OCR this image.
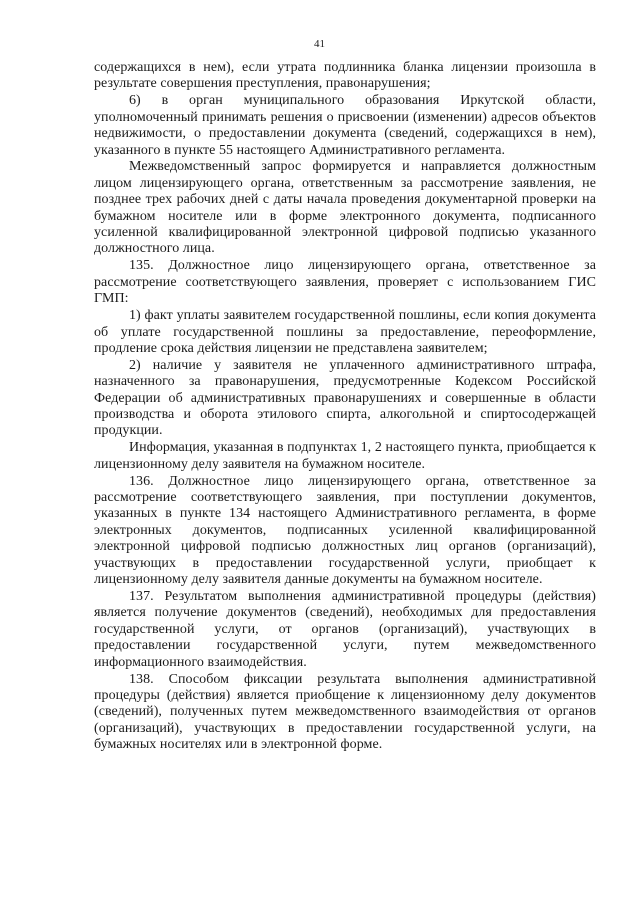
41

содержащихся в нем), если утрата подлинника бланка лицензии произошла в результате совершения преступления, правонарушения;

6) в орган муниципального образования Иркутской области, уполномоченный принимать решения о присвоении (изменении) адресов объектов недвижимости, о предоставлении документа (сведений, содержащихся в нем), указанного в пункте 55 настоящего Административного регламента.

Межведомственный запрос формируется и направляется должностным лицом лицензирующего органа, ответственным за рассмотрение заявления, не позднее трех рабочих дней с даты начала проведения документарной проверки на бумажном носителе или в форме электронного документа, подписанного усиленной квалифицированной электронной цифровой подписью указанного должностного лица.

135. Должностное лицо лицензирующего органа, ответственное за рассмотрение соответствующего заявления, проверяет с использованием ГИС ГМП:

1) факт уплаты заявителем государственной пошлины, если копия документа об уплате государственной пошлины за предоставление, переоформление, продление срока действия лицензии не представлена заявителем;

2) наличие у заявителя не уплаченного административного штрафа, назначенного за правонарушения, предусмотренные Кодексом Российской Федерации об административных правонарушениях и совершенные в области производства и оборота этилового спирта, алкогольной и спиртосодержащей продукции.

Информация, указанная в подпунктах 1, 2 настоящего пункта, приобщается к лицензионному делу заявителя на бумажном носителе.

136. Должностное лицо лицензирующего органа, ответственное за рассмотрение соответствующего заявления, при поступлении документов, указанных в пункте 134 настоящего Административного регламента, в форме электронных документов, подписанных усиленной квалифицированной электронной цифровой подписью должностных лиц органов (организаций), участвующих в предоставлении государственной услуги, приобщает к лицензионному делу заявителя данные документы на бумажном носителе.

137. Результатом выполнения административной процедуры (действия) является получение документов (сведений), необходимых для предоставления государственной услуги, от органов (организаций), участвующих в предоставлении государственной услуги, путем межведомственного информационного взаимодействия.

138. Способом фиксации результата выполнения административной процедуры (действия) является приобщение к лицензионному делу документов (сведений), полученных путем межведомственного взаимодействия от органов (организаций), участвующих в предоставлении государственной услуги, на бумажных носителях или в электронной форме.
